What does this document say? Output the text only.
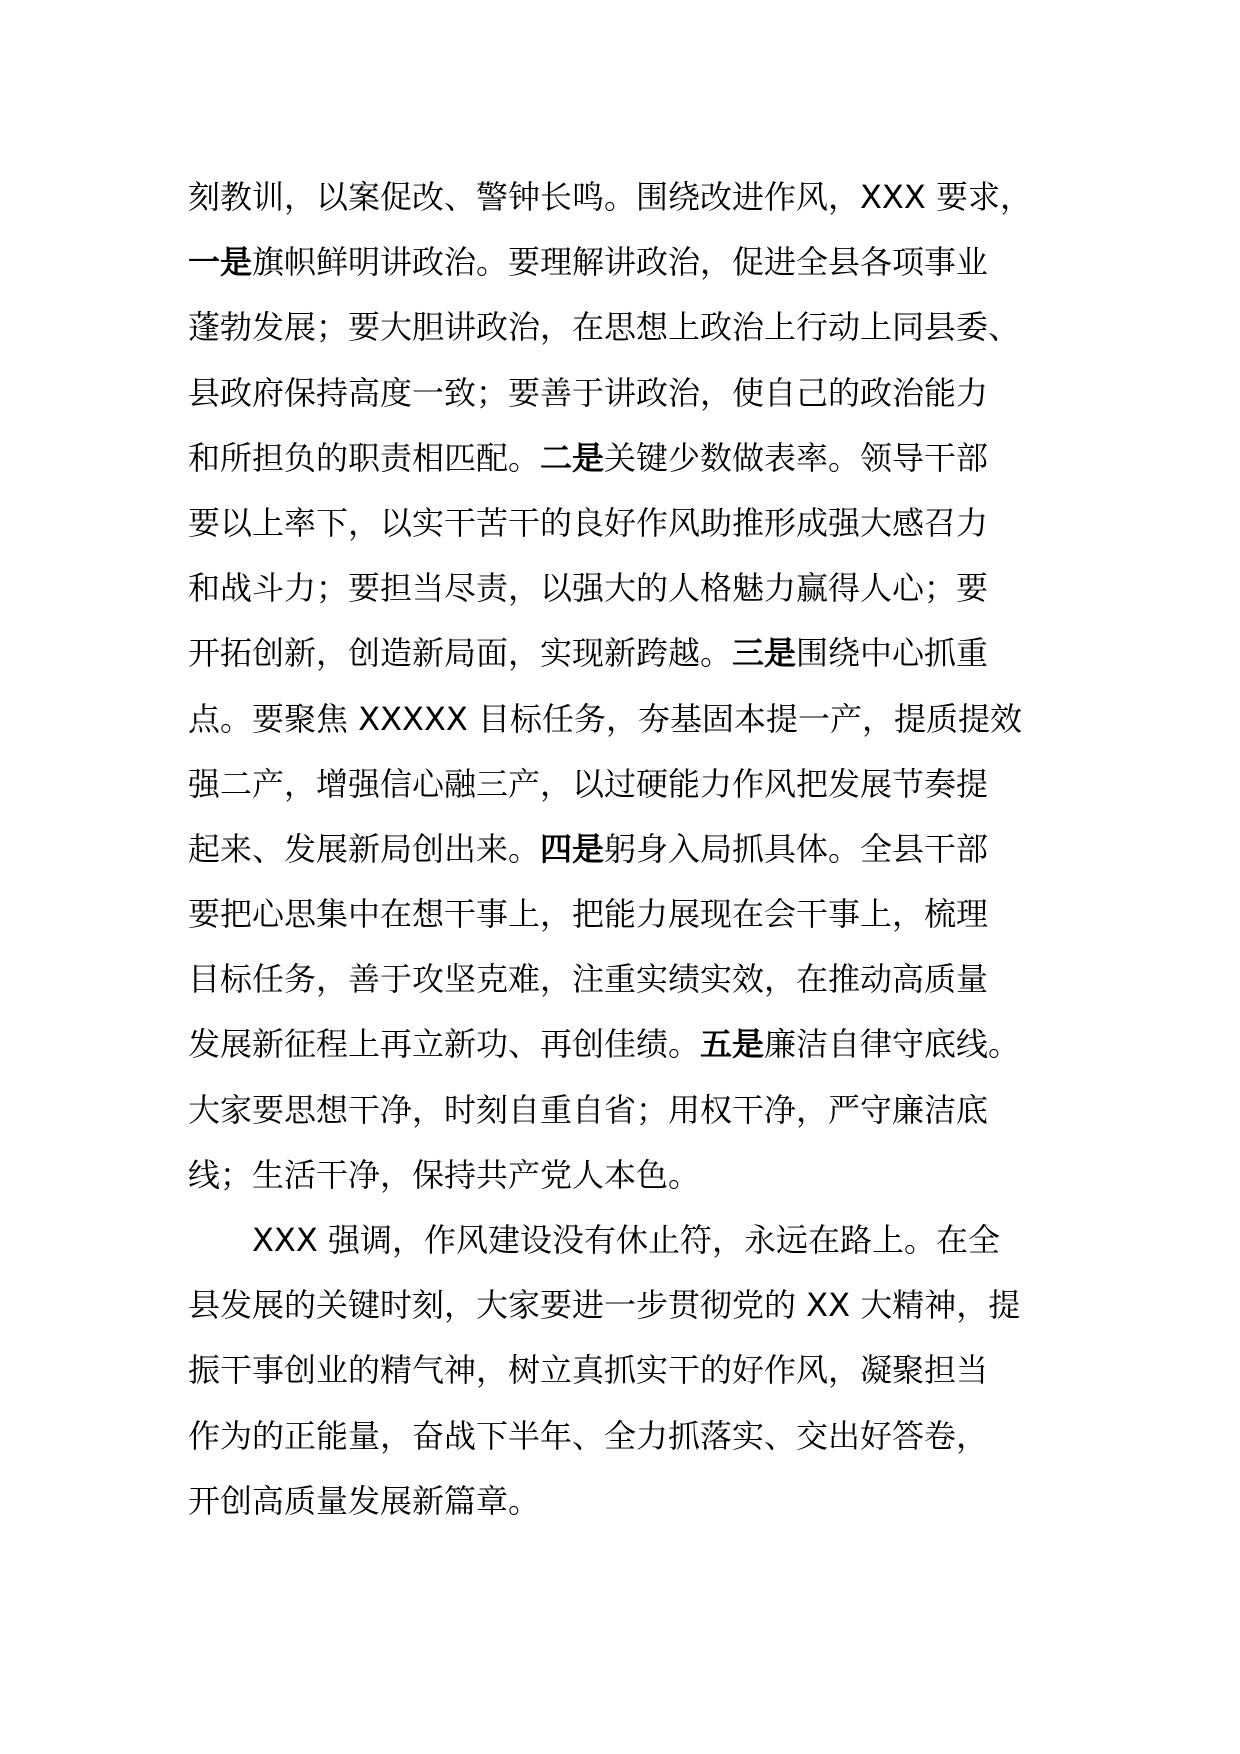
刻教训，以案促改、警钟长鸣。围绕改进作风，XXX 要求，
一是旗帜鲜明讲政治。要理解讲政治，促进全县各项事业
蓬勃发展；要大胆讲政治，在思想上政治上行动上同县委、
县政府保持高度一致；要善于讲政治，使自己的政治能力
和所担负的职责相匹配。二是关键少数做表率。领导干部
要以上率下，以实干苦干的良好作风助推形成强大感召力
和战斗力；要担当尽责，以强大的人格魅力赢得人心；要
开拓创新，创造新局面，实现新跨越。三是围绕中心抓重
点。要聚焦 XXXXX 目标任务，夯基固本提一产，提质提效
强二产，增强信心融三产，以过硬能力作风把发展节奏提
起来、发展新局创出来。四是躬身入局抓具体。全县干部
要把心思集中在想干事上，把能力展现在会干事上，梳理
目标任务，善于攻坚克难，注重实绩实效，在推动高质量
发展新征程上再立新功、再创佳绩。五是廉洁自律守底线。
大家要思想干净，时刻自重自省；用权干净，严守廉洁底
线；生活干净，保持共产党人本色。
XXX 强调，作风建设没有休止符，永远在路上。在全
县发展的关键时刻，大家要进一步贯彻党的 XX 大精神，提
振干事创业的精气神，树立真抓实干的好作风，凝聚担当
作为的正能量，奋战下半年、全力抓落实、交出好答卷，
开创高质量发展新篇章。
